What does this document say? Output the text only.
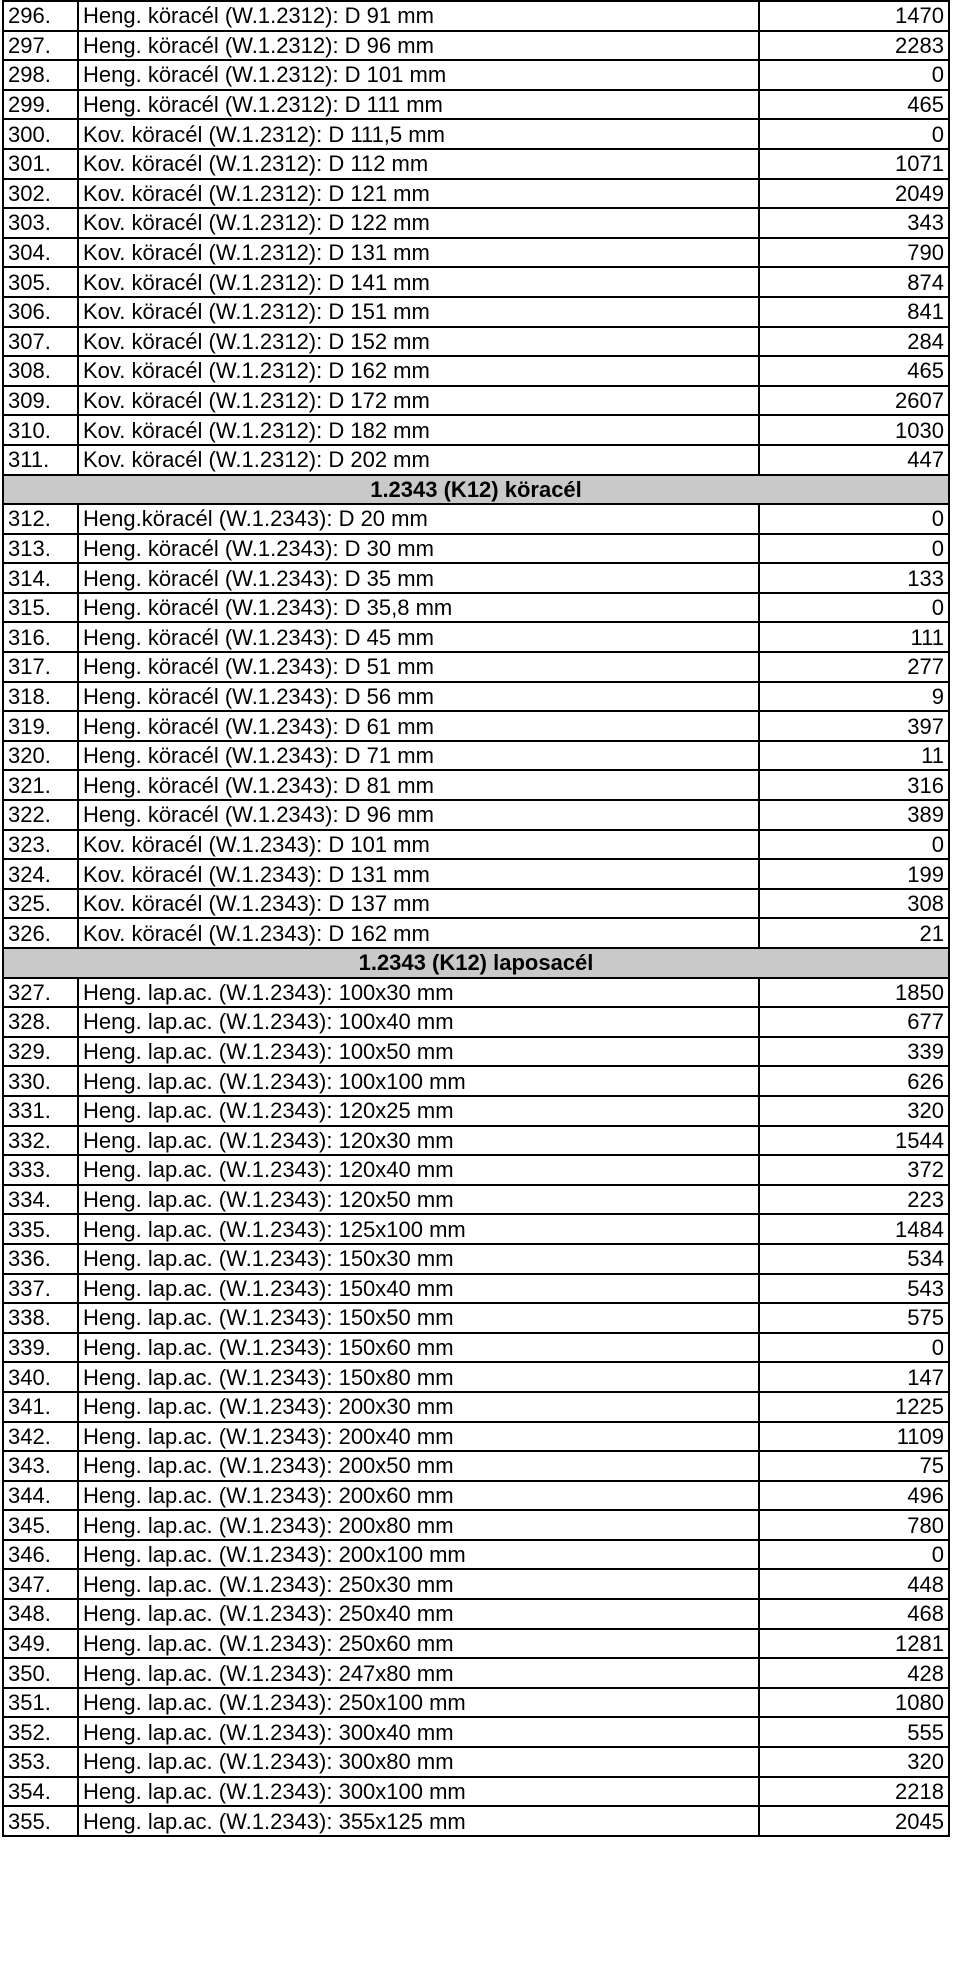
296.	Heng. köracél (W.1.2312): D 91 mm	1470
297.	Heng. köracél (W.1.2312): D 96 mm	2283
298.	Heng. köracél (W.1.2312): D 101 mm	0
299.	Heng. köracél (W.1.2312): D 111 mm	465
300.	Kov. köracél (W.1.2312): D 111,5 mm	0
301.	Kov. köracél (W.1.2312): D 112 mm	1071
302.	Kov. köracél (W.1.2312): D 121 mm	2049
303.	Kov. köracél (W.1.2312): D 122 mm	343
304.	Kov. köracél (W.1.2312): D 131 mm	790
305.	Kov. köracél (W.1.2312): D 141 mm	874
306.	Kov. köracél (W.1.2312): D 151 mm	841
307.	Kov. köracél (W.1.2312): D 152 mm	284
308.	Kov. köracél (W.1.2312): D 162 mm	465
309.	Kov. köracél (W.1.2312): D 172 mm	2607
310.	Kov. köracél (W.1.2312): D 182 mm	1030
311.	Kov. köracél (W.1.2312): D 202 mm	447
1.2343 (K12) köracél		
312.	Heng.köracél (W.1.2343): D 20 mm	0
313.	Heng. köracél (W.1.2343): D 30 mm	0
314.	Heng. köracél (W.1.2343): D 35 mm	133
315.	Heng. köracél (W.1.2343): D 35,8 mm	0
316.	Heng. köracél (W.1.2343): D 45 mm	111
317.	Heng. köracél (W.1.2343): D 51 mm	277
318.	Heng. köracél (W.1.2343): D 56 mm	9
319.	Heng. köracél (W.1.2343): D 61 mm	397
320.	Heng. köracél (W.1.2343): D 71 mm	11
321.	Heng. köracél (W.1.2343): D 81 mm	316
322.	Heng. köracél (W.1.2343): D 96 mm	389
323.	Kov. köracél (W.1.2343): D 101 mm	0
324.	Kov. köracél (W.1.2343): D 131 mm	199
325.	Kov. köracél (W.1.2343): D 137 mm	308
326.	Kov. köracél (W.1.2343): D 162 mm	21
1.2343 (K12) laposacél		
327.	Heng. lap.ac. (W.1.2343): 100x30 mm	1850
328.	Heng. lap.ac. (W.1.2343): 100x40 mm	677
329.	Heng. lap.ac. (W.1.2343): 100x50 mm	339
330.	Heng. lap.ac. (W.1.2343): 100x100 mm	626
331.	Heng. lap.ac. (W.1.2343): 120x25 mm	320
332.	Heng. lap.ac. (W.1.2343): 120x30 mm	1544
333.	Heng. lap.ac. (W.1.2343): 120x40 mm	372
334.	Heng. lap.ac. (W.1.2343): 120x50 mm	223
335.	Heng. lap.ac. (W.1.2343): 125x100 mm	1484
336.	Heng. lap.ac. (W.1.2343): 150x30 mm	534
337.	Heng. lap.ac. (W.1.2343): 150x40 mm	543
338.	Heng. lap.ac. (W.1.2343): 150x50 mm	575
339.	Heng. lap.ac. (W.1.2343): 150x60 mm	0
340.	Heng. lap.ac. (W.1.2343): 150x80 mm	147
341.	Heng. lap.ac. (W.1.2343): 200x30 mm	1225
342.	Heng. lap.ac. (W.1.2343): 200x40 mm	1109
343.	Heng. lap.ac. (W.1.2343): 200x50 mm	75
344.	Heng. lap.ac. (W.1.2343): 200x60 mm	496
345.	Heng. lap.ac. (W.1.2343): 200x80 mm	780
346.	Heng. lap.ac. (W.1.2343): 200x100 mm	0
347.	Heng. lap.ac. (W.1.2343): 250x30 mm	448
348.	Heng. lap.ac. (W.1.2343): 250x40 mm	468
349.	Heng. lap.ac. (W.1.2343): 250x60 mm	1281
350.	Heng. lap.ac. (W.1.2343): 247x80 mm	428
351.	Heng. lap.ac. (W.1.2343): 250x100 mm	1080
352.	Heng. lap.ac. (W.1.2343): 300x40 mm	555
353.	Heng. lap.ac. (W.1.2343): 300x80 mm	320
354.	Heng. lap.ac. (W.1.2343): 300x100 mm	2218
355.	Heng. lap.ac. (W.1.2343): 355x125 mm	2045
